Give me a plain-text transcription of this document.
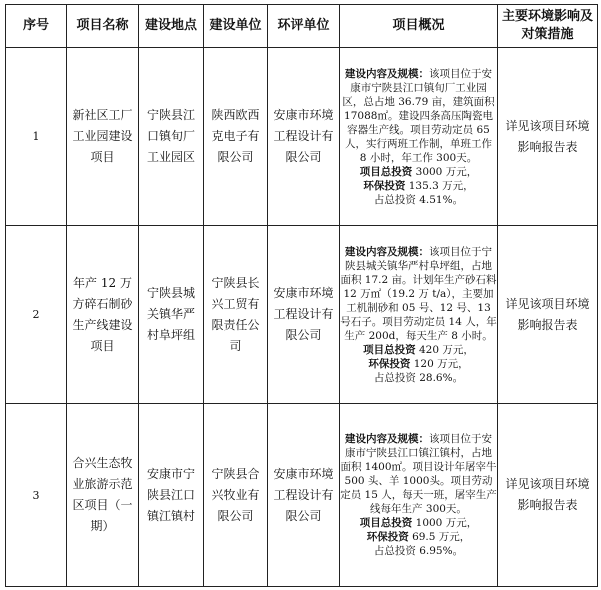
序号	项目名称	建设地点	建设单位	环评单位	项目概况	主要环境影响及对策措施
1	新社区工厂工业园建设项目	宁陕县江口镇旬厂工业园区	陕西欧西克电子有限公司	安康市环境工程设计有限公司	建设内容及规模：该项目位于安康市宁陕县江口镇旬厂工业园区，总占地 36.79 亩，建筑面积 17088㎡。建设四条高压陶瓷电容器生产线。项目劳动定员 65 人，实行两班工作制，单班工作 8 小时，年工作 300天。
项目总投资 3000 万元，
环保投资 135.3 万元，
占总投资 4.51%。	详见该项目环境影响报告表

2	年产 12 万方碎石制砂生产线建设项目	宁陕县城关镇华严村阜坪组	宁陕县长兴工贸有限责任公司	安康市环境工程设计有限公司	建设内容及规模：该项目位于宁陕县城关镇华严村阜坪组，占地面积 17.2 亩。计划年生产砂石料 12 万㎡（19.2 万 t/a），主要加工机制砂和 05 号、12 号、13 号石子。项目劳动定员 14 人，年生产 200d，每天生产 8 小时。
项目总投资 420 万元，
环保投资 120 万元，
占总投资 28.6%。	详见该项目环境影响报告表

3	合兴生态牧业旅游示范区项目（一期）	安康市宁陕县江口镇江镇村	宁陕县合兴牧业有限公司	安康市环境工程设计有限公司	建设内容及规模：该项目位于安康市宁陕县江口镇江镇村，占地面积 1400㎡。项目设计年屠宰牛 500 头、羊 1000头。项目劳动定员 15 人，每天一班，屠宰生产线每年生产 300天。
项目总投资 1000 万元，
环保投资 69.5 万元，
占总投资 6.95%。	详见该项目环境影响报告表
